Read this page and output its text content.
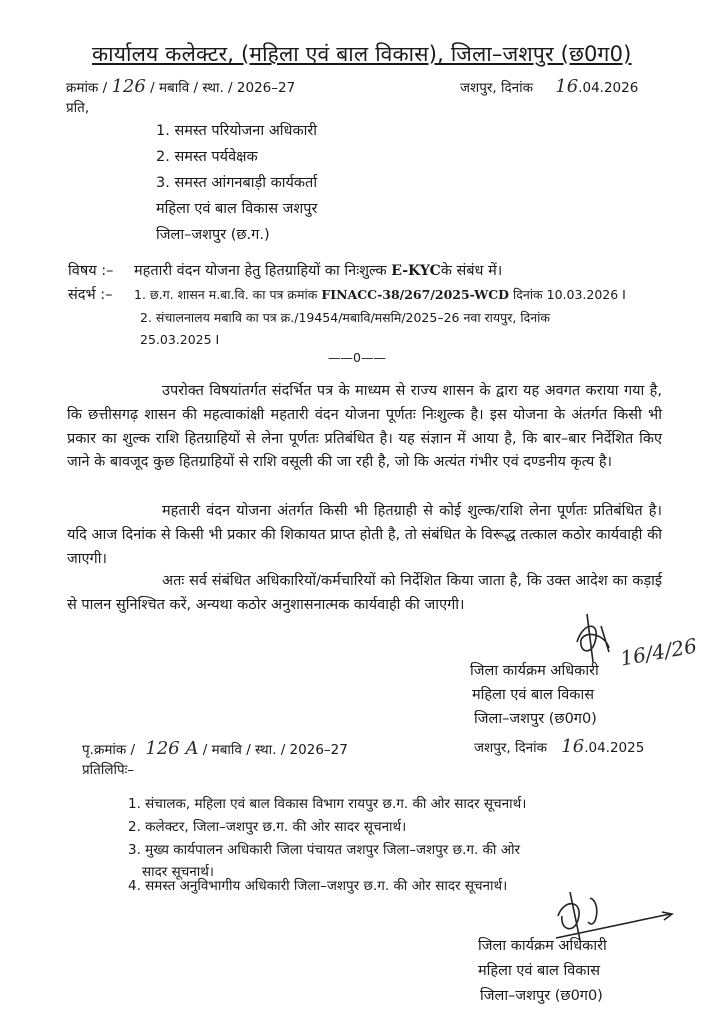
कार्यालय कलेक्टर, (महिला एवं बाल विकास), जिला–जशपुर (छ0ग0)
क्रमांक / 126 / मबावि / स्था. / 2026–27	जशपुर, दिनांक 16.04.2026
प्रति,
1. समस्त परियोजना अधिकारी
2. समस्त पर्यवेक्षक
3. समस्त आंगनबाड़ी कार्यकर्ता
महिला एवं बाल विकास जशपुर
जिला–जशपुर (छ.ग.)
विषय :– महतारी वंदन योजना हेतु हितग्राहियों का निःशुल्क E-KYCके संबंध में।
संदर्भ :– 1. छ.ग. शासन म.बा.वि. का पत्र क्रमांक FINACC-38/267/2025-WCD दिनांक 10.03.2026 I
2. संचालनालय मबावि का पत्र क्र./19454/मबावि/मसमि/2025–26 नवा रायपुर, दिनांक
25.03.2025 I
——0——
उपरोक्त विषयांतर्गत संदर्भित पत्र के माध्यम से राज्य शासन के द्वारा यह अवगत कराया गया है, कि छत्तीसगढ़ शासन की महत्वाकांक्षी महतारी वंदन योजना पूर्णतः निःशुल्क है। इस योजना के अंतर्गत किसी भी प्रकार का शुल्क राशि हितग्राहियों से लेना पूर्णतः प्रतिबंधित है। यह संज्ञान में आया है, कि बार–बार निर्देशित किए जाने के बावजूद कुछ हितग्राहियों से राशि वसूली की जा रही है, जो कि अत्यंत गंभीर एवं दण्डनीय कृत्य है।
महतारी वंदन योजना अंतर्गत किसी भी हितग्राही से कोई शुल्क/राशि लेना पूर्णतः प्रतिबंधित है। यदि आज दिनांक से किसी भी प्रकार की शिकायत प्राप्त होती है, तो संबंधित के विरूद्ध तत्काल कठोर कार्यवाही की जाएगी।
अतः सर्व संबंधित अधिकारियों/कर्मचारियों को निर्देशित किया जाता है, कि उक्त आदेश का कड़ाई से पालन सुनिश्चित करें, अन्यथा कठोर अनुशासनात्मक कार्यवाही की जाएगी।
16/4/26
जिला कार्यक्रम अधिकारी
महिला एवं बाल विकास
जिला–जशपुर (छ0ग0)
पृ.क्रमांक / 126 A / मबावि / स्था. / 2026–27	जशपुर, दिनांक 16.04.2025
प्रतिलिपिः–
1. संचालक, महिला एवं बाल विकास विभाग रायपुर छ.ग. की ओर सादर सूचनार्थ।
2. कलेक्टर, जिला–जशपुर छ.ग. की ओर सादर सूचनार्थ।
3. मुख्य कार्यपालन अधिकारी जिला पंचायत जशपुर जिला–जशपुर छ.ग. की ओर
सादर सूचनार्थ।
4. समस्त अनुविभागीय अधिकारी जिला–जशपुर छ.ग. की ओर सादर सूचनार्थ।
जिला कार्यक्रम अधिकारी
महिला एवं बाल विकास
जिला–जशपुर (छ0ग0)
